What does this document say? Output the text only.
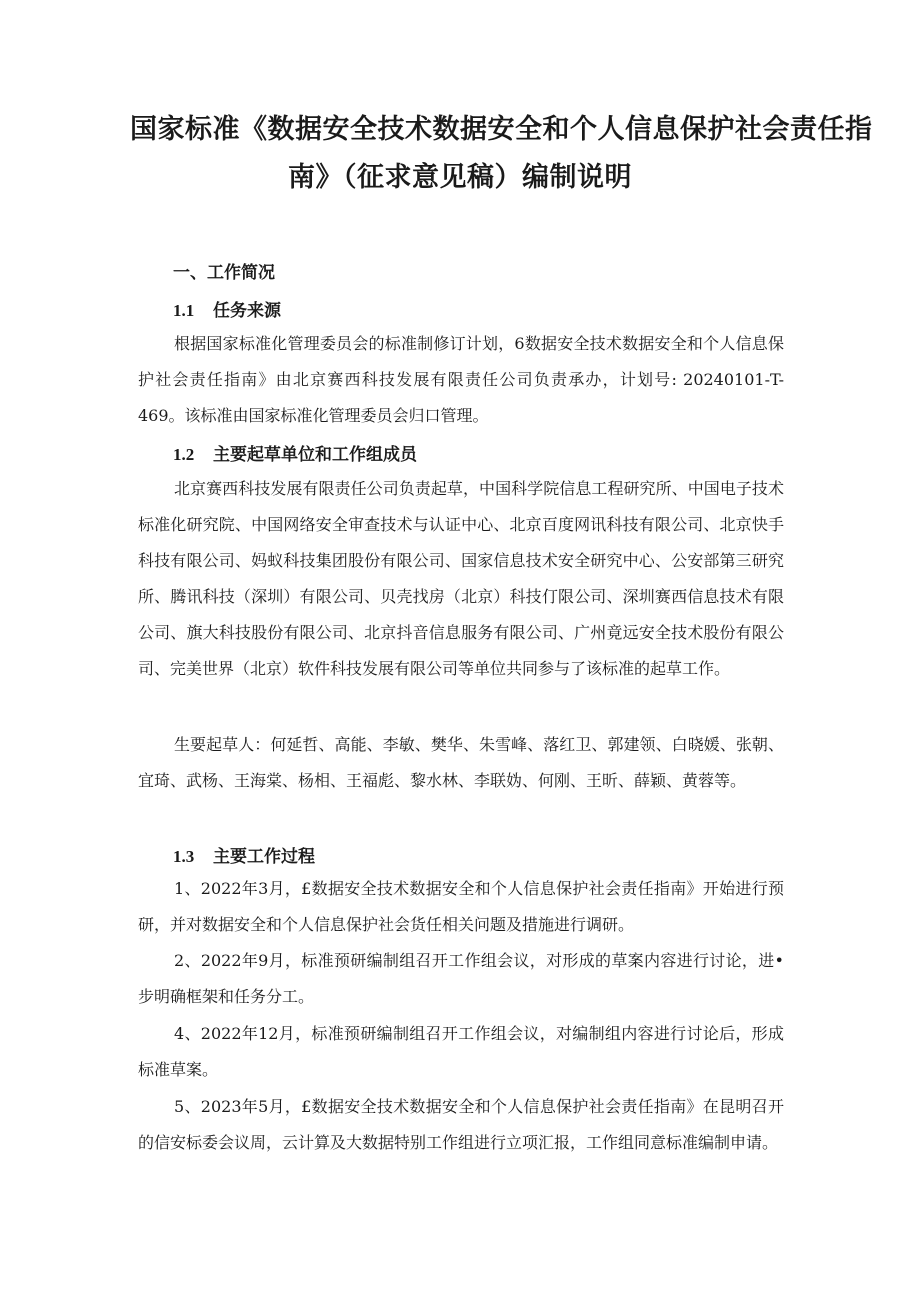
国家标准《数据安全技术数据安全和个人信息保护社会责任指
南》（征求意见稿）编制说明
一、工作简况
1.1	任务来源
根据国家标准化管理委员会的标准制修订计划，6数据安全技术数据安全和个人信息保护社会责任指南》由北京赛西科技发展有限责任公司负责承办，计划号: 20240101-T-469。该标准由国家标准化管理委员会归口管理。
1.2	主要起草单位和工作组成员
北京赛西科技发展有限责任公司负责起草，中国科学院信息工程研究所、中国电子技术标准化研究院、中国网络安全审查技术与认证中心、北京百度网讯科技有限公司、北京快手科技有限公司、妈蚁科技集团股份有限公司、国家信息技术安全研究中心、公安部第三研究所、腾讯科技（深圳）有限公司、贝壳找房（北京）科技仃限公司、深圳赛西信息技术有限公司、旗大科技股份有限公司、北京抖音信息服务有限公司、广州竟远安全技术股份有限公司、完美世界（北京）软件科技发展有限公司等单位共同参与了该标准的起草工作。
生要起草人：何延哲、高能、李敏、樊华、朱雪峰、落红卫、郭建领、白晓媛、张朝、宜琦、武杨、王海棠、杨相、王福彪、黎水林、李联妫、何刚、王昕、薛颖、黄蓉等。
1.3	主要工作过程
1、2022年3月，£数据安全技术数据安全和个人信息保护社会责任指南》开始进行预研，并对数据安全和个人信息保护社会货任相关问题及措施进行调研。
2、2022年9月，标准预研编制组召开工作组会议，对形成的草案内容进行讨论，进•步明确框架和任务分工。
4、2022年12月，标准预研编制组召开工作组会议，对编制组内容进行讨论后，形成标准草案。
5、2023年5月，£数据安全技术数据安全和个人信息保护社会责任指南》在昆明召开的信安标委会议周，云计算及大数据特别工作组进行立项汇报，工作组同意标准编制申请。
